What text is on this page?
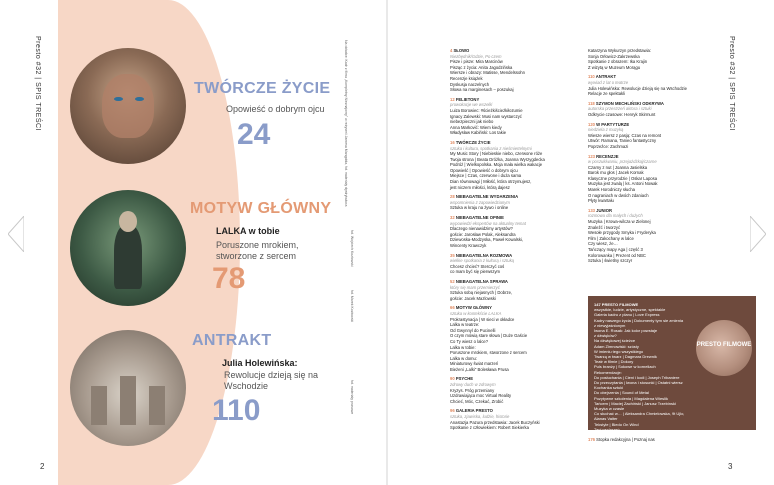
Presto #32 | SPIS TREŚCI	TWÓRCZE ŻYCIE
Opowieść o dobrym ojcu
24
MOTYW GŁÓWNY
LALKA w tobie
Poruszone mrokiem, stworzone z sercem
78
ANTRAKT
Julia Holewińska:
Rewolucje dzieją się na Wschodzie
110
Na okładce: Kadr z filmu „Kompletny Nieznajomy" w reżyserii Jamesa Mangolda, fot. materiały dystrybutora
fot. Wojciech Kozłowski
fot. Marek Kozłowski
fot. materiały prasowe
2

4 SŁOWO

Niezbędnik/Gdzie, Po czem

Pisze i pisze: Mira Marcinów

Pisząc z życia: Anita Jagodzińska

Wiersze i obrazy: Matisse, Mendelssohn

Recenzje książek

Dyskusja naczelnych

Słowa na marginesach – poszukaj

12 FELIETONY

prowokacje we wszelki

Luiza Borowiec: #ścieżkiścieżkiłozumie

Ignacy Zalewski: Musi nam wystarczyć

niebezpieczni jak niebo

Anna Marković: Wiem kiedy

Władysław Kabiński: Los takie

16 TWÓRCZE ŻYCIE

sztuka i kultura, spotkania z nieśmiertelnymi

My Music Story | Niebieskie niebo, czerwone róże

Twoja strona | Beata Dróżka, Joanna Wyrzygdecka

Podróż | Wielkopolska. Moja mała wielka wakacje

Opowieść | Opowieść o dobrym ojcu

Miejsce | Czas, czerwone i duża sama

Dian równowagi | Miłość, która otrzymujesz,

jest niczem miłości, którą dajesz

28 NIEBAGATELNE WYDARZENIA

wspomnienia z zapowiedzianym

Sztuka w kraju na żywo i online

32 NIEBAGATELNE OPINIE

wypowiedzi ekspertów na aktualny temat

Dlaczego nienawidzimy artystów?

goście: Jarosław Polak, Aleksandra

Dziewoska-Modzyska, Paweł Kowalski,

Wincenty Krawczyk

35 NIEBAGATELNA ROZMOWA

wielkie spotkania z kulturą i sztuką

Chcesz chcieć? Sterczyć coś

co mam być się pierwszym

52 NIEBAGATELNA SPRAWA

który się mam przemierzyć

Sztuka sobą niejasnych | Dobrze,

goście: Jacek Mazlowski

66 MOTYW GŁÓWNY

sztuka w kontekście LALKA

Prokrastynacja | W sieci w okładce

Lalka w teatrze:

Od Gwynnyl do Pucinelli

O czym mówią stare słowa | Duże Gaście

Co Ty wiesz o lalce?

Lalka w tobie:

Poruszone mrokiem, stworzone z sercem

Lalka w domu:

Miniaturowy świat marzeń

Bieżeni „Lalki" Bolesława Prusa

90 PSYCHE

zdrowy duch w zdrowym

Kryzys. Próg przemiany

Uzdrawiająca moc Virtual Reality

Chcieć, Móc, Czekać, Zrobić

96 GALERIA PRESTO

sztuka, zjawiska, ludzie, historie

Anastazja Pazura przedstawia: Jacek Buczyński

Spotkanie z człowiekiem: Robert Siekierka

Katarzyna Wykurzyn przedstawia:

Sonja Orłowicz-Zakrzewska

Spotkanie z obrazem: Ika Krajin

Z wizytą w Muzeum Morągu

110 ANTRAKT

wywiad z lat o teatrze

Julia Holewińska: Rewolucje dzieją się na Wschodzie

Relacje ze spektakli

118 SZYMON MECHLIŃSKI ODKRYWA

autorska przestrzeń aktora i sztuki

Odkrycie czasowe: Henryk Skirmunt

120 W PARTYTURZE

niedziela z muzyką

Wiesze wiersz z pasją: Czas na remont

Utwór: Ramana, Tanieo fantastyczny

Poprzeźce: Zachmazi

123 RECENZJE

w poszukiwaniu, przejażdżkaj/czarne

Czarny z nut | Joanna Jasielska

Barok mu głos | Jacek Kornak

Klasyczne przyrodzie | Oskar Laposa

Muzyka jest zwalą | ks. Antoni Nowak

Marek Horodniczy słucha

O nagraniach w dwóch zdaniach

Płyty kwartału

133 JUNIOR

rozmowa dla małych i dużych

Muzyka | Krowa-wilcza w Zielonej

Znaleźć i tworzyć

Wesołe przygody Smyka i Fryderyka

Film | Zakochany w lalce

Czy wiesz, że…

Tańczący mapy Aga | część 3

Kolorowanka | Prezent od NBC

Sztuka | świetlny szczyr

147 PRESTO FILMOWE

wszystkie, ludzie, artystyczne, spektakle

Galeria kadru z planu | Love Express

Kadry naszego życia | Dokumenty tym sie zmienia

z niewyjaśnionym

Iwona E. Rosak: Jak kolor powstaje

z dźwięków?

Na dźwiękowej ścieżce

Adam Zimnowiski: szósty

W imieniu tego wszystkiego

Twarzą w twarz | Dagmara Drewnik

Teatr w filmie | Dokory

Puls branży | Sokowe w korneliach

Rekomendacje:

Do posłuchania | Cieni i kodi | Joseph Tribaniere

Do przeczytania | Iwona i stosunki | Ostatni wiersz

Kochanka sztuki

Do obejrzenia | Sound of Metal

Pozytywne szkolenia | Magdalena Wieslik

Tańcem | Maciej Zachiński | Janusz Trzebinski

Muzyka w czasie

Co słuchać w… | Aleksandra Chmielowska, 9t Ujlo,

Alanas Vaiter

Tekstyle | Biedo On Wind

Tapi wydarzeń

PRESTO FILMOWE
176 Stopka redakcyjna | Poznaj nas
Presto #32 | SPIS TREŚCI
3
